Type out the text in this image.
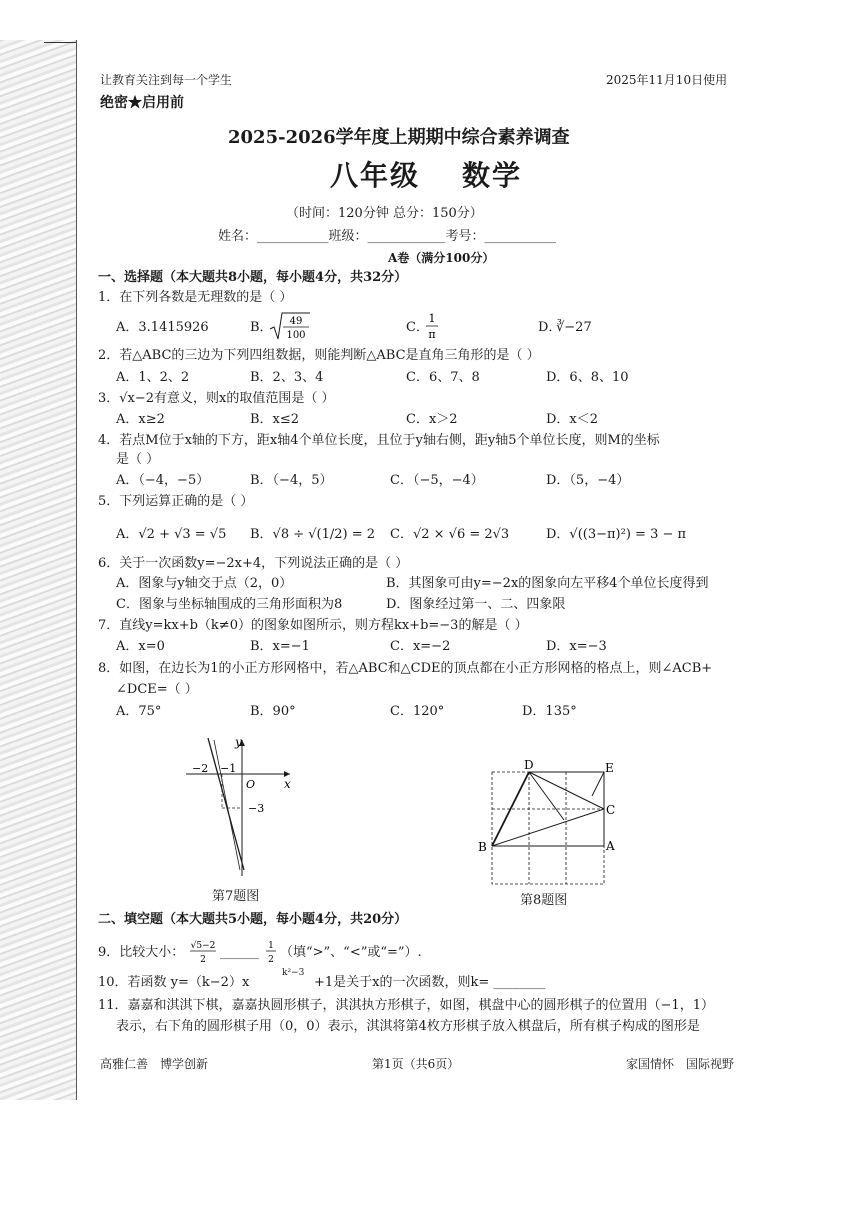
让教育关注到每一个学生	2025年11月10日使用
绝密★启用前
2025-2026学年度上期期中综合素养调查
八年级 数学
（时间：120分钟 总分：150分）
姓名：___________班级：____________考号：___________
A卷（满分100分）
一、选择题（本大题共8小题，每小题4分，共32分）
1．在下列各数是无理数的是（ ）
A．3.1415926	B． 49
100
C．
1
π	D．
∛−27
2．若△ABC的三边为下列四组数据，则能判断△ABC是直角三角形的是（ ）
A．1、2、2	B．2、3、4	C．6、7、8	D．6、8、10
3．√x−2有意义，则x的取值范围是（ ）
A．x≥2	B．x≤2	C．x＞2	D．x＜2
4．若点M位于x轴的下方，距x轴4个单位长度，且位于y轴右侧，距y轴5个单位长度，则M的坐标
是（ ）
A．（−4，−5）	B．（−4，5）	C．（−5，−4）	D．（5，−4）
5．下列运算正确的是（ ）
A．√2 + √3 = √5 B．√8 ÷ √(1/2) = 2 C．√2 × √6 = 2√3	D．√((3−π)²) = 3 − π
6．关于一次函数y=−2x+4，下列说法正确的是（ ）
A．图象与y轴交于点（2，0）	B．其图象可由y=−2x的图象向左平移4个单位长度得到
C．图象与坐标轴围成的三角形面积为8	D．图象经过第一、二、四象限
7．直线y=kx+b（k≠0）的图象如图所示，则方程kx+b=−3的解是（ ）
A．x=0	B．x=−1	C．x=−2	D．x=−3
8．如图，在边长为1的小正方形网格中，若△ABC和△CDE的顶点都在小正方形网格的格点上，则∠ACB+
∠DCE=（ ）
A．75°	B．90°	C．120°	D．135°
y
x
O
−2 −1
−3
第7题图
D	E
C
B	A
第8题图
二、填空题（本大题共5小题，每小题4分，共20分）
9．比较大小： √5−2
2 ______ 1
2 （填“>”、“<”或“=”）.
10．若函数 y=（k−2）x
k²−3
+1是关于x的一次函数，则k= ________
11．嘉嘉和淇淇下棋，嘉嘉执圆形棋子，淇淇执方形棋子，如图，棋盘中心的圆形棋子的位置用（−1，1）
表示，右下角的圆形棋子用（0，0）表示，淇淇将第4枚方形棋子放入棋盘后，所有棋子构成的图形是
高雅仁善　博学创新	第1页（共6页）	家国情怀　国际视野
